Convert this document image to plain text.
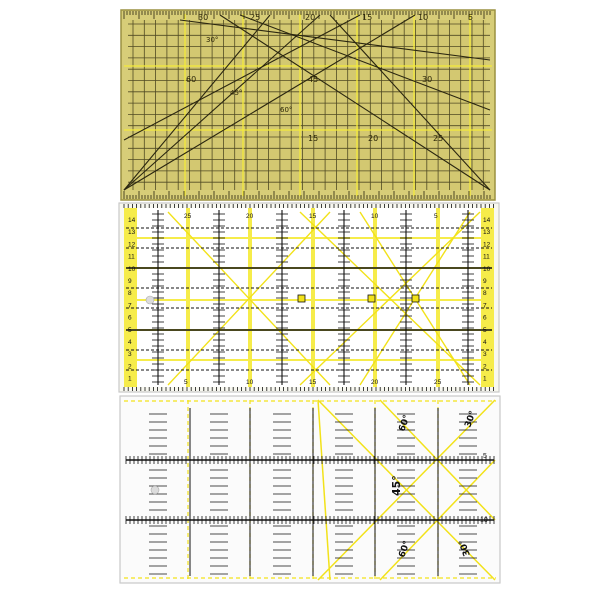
30	25	20	15	10	5
60	45	30
15	20	25
30°
45°
60°
14	14
13	13
12	12
11	11
10	10
9	9
8	8
7	7
6	6
5	5
4	4
3	3
2	2
1	1
25
5
20
10
15
15
10
20
5
25
60°	30°
45°
60°	30°
5
10
